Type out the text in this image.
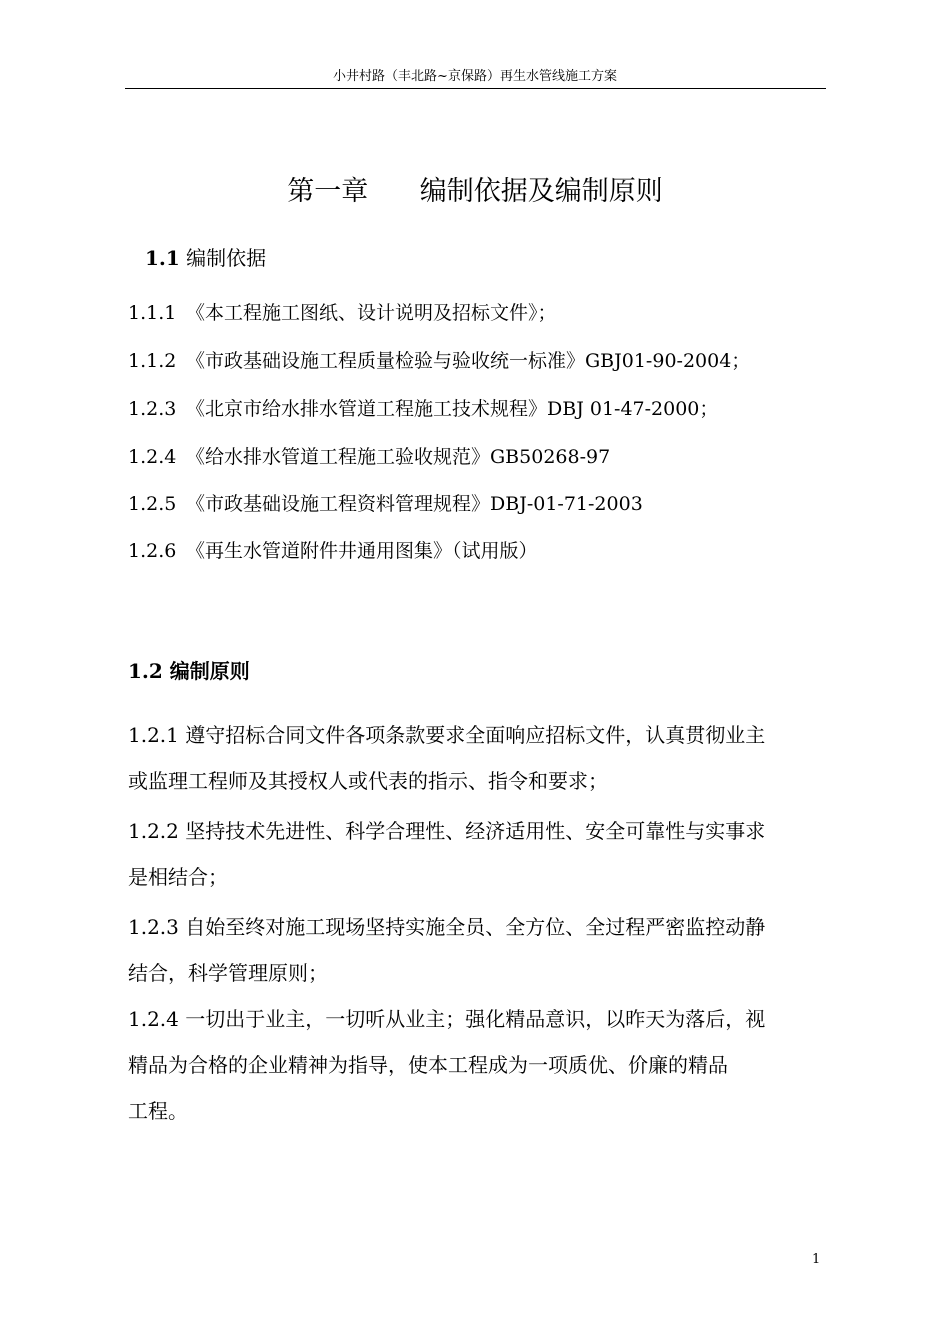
小井村路（丰北路~京保路）再生水管线施工方案
第一章      编制依据及编制原则
1.1 编制依据
1.1.1 《本工程施工图纸、设计说明及招标文件》；
1.1.2 《市政基础设施工程质量检验与验收统一标准》GBJ01-90-2004；
1.2.3 《北京市给水排水管道工程施工技术规程》DBJ 01-47-2000；
1.2.4 《给水排水管道工程施工验收规范》GB50268-97
1.2.5 《市政基础设施工程资料管理规程》DBJ-01-71-2003
1.2.6 《再生水管道附件井通用图集》（试用版）
1.2 编制原则
1.2.1 遵守招标合同文件各项条款要求全面响应招标文件，认真贯彻业主
或监理工程师及其授权人或代表的指示、指令和要求；
1.2.2 坚持技术先进性、科学合理性、经济适用性、安全可靠性与实事求
是相结合；
1.2.3 自始至终对施工现场坚持实施全员、全方位、全过程严密监控动静
结合，科学管理原则；
1.2.4 一切出于业主，一切听从业主；强化精品意识，以昨天为落后，视
精品为合格的企业精神为指导，使本工程成为一项质优、价廉的精品
工程。
1
